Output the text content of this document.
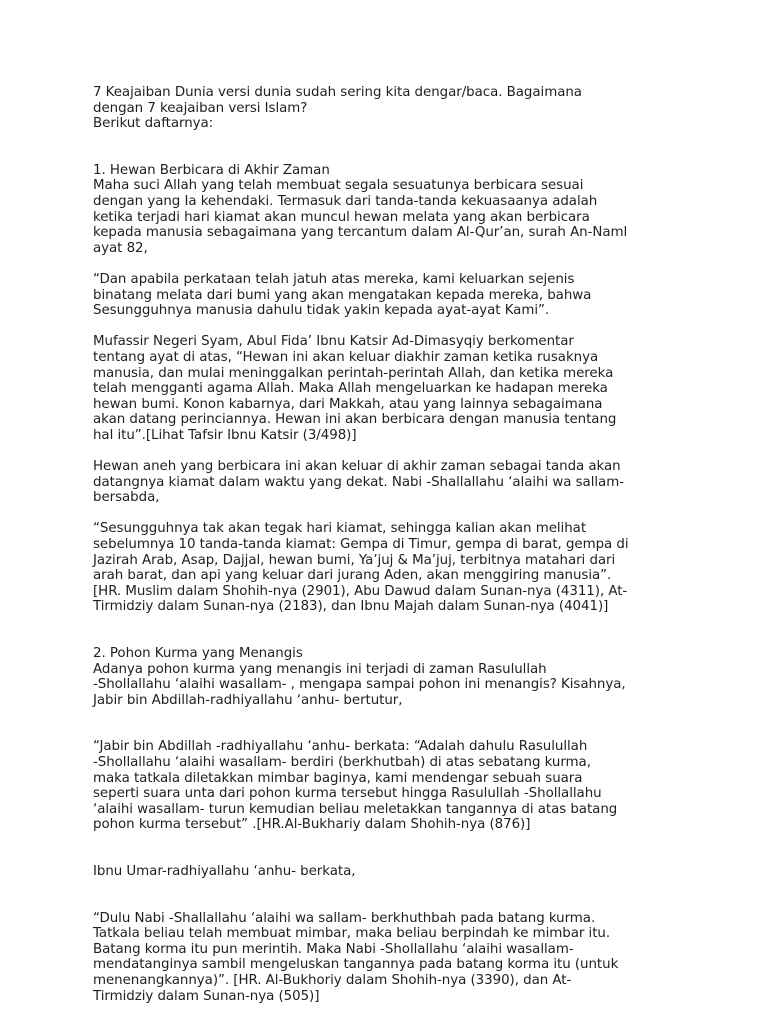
7 Keajaiban Dunia versi dunia sudah sering kita dengar/baca. Bagaimana
dengan 7 keajaiban versi Islam?
Berikut daftarnya:
1. Hewan Berbicara di Akhir Zaman
Maha suci Allah yang telah membuat segala sesuatunya berbicara sesuai
dengan yang Ia kehendaki. Termasuk dari tanda-tanda kekuasaanya adalah
ketika terjadi hari kiamat akan muncul hewan melata yang akan berbicara
kepada manusia sebagaimana yang tercantum dalam Al-Qur’an, surah An-Naml
ayat 82,
“Dan apabila perkataan telah jatuh atas mereka, kami keluarkan sejenis
binatang melata dari bumi yang akan mengatakan kepada mereka, bahwa
Sesungguhnya manusia dahulu tidak yakin kepada ayat-ayat Kami”.
Mufassir Negeri Syam, Abul Fida’ Ibnu Katsir Ad-Dimasyqiy berkomentar
tentang ayat di atas, “Hewan ini akan keluar diakhir zaman ketika rusaknya
manusia, dan mulai meninggalkan perintah-perintah Allah, dan ketika mereka
telah mengganti agama Allah. Maka Allah mengeluarkan ke hadapan mereka
hewan bumi. Konon kabarnya, dari Makkah, atau yang lainnya sebagaimana
akan datang perinciannya. Hewan ini akan berbicara dengan manusia tentang
hal itu”.[Lihat Tafsir Ibnu Katsir (3/498)]
Hewan aneh yang berbicara ini akan keluar di akhir zaman sebagai tanda akan
datangnya kiamat dalam waktu yang dekat. Nabi -Shallallahu ‘alaihi wa sallam-
bersabda,
“Sesungguhnya tak akan tegak hari kiamat, sehingga kalian akan melihat
sebelumnya 10 tanda-tanda kiamat: Gempa di Timur, gempa di barat, gempa di
Jazirah Arab, Asap, Dajjal, hewan bumi, Ya’juj & Ma’juj, terbitnya matahari dari
arah barat, dan api yang keluar dari jurang Aden, akan menggiring manusia”.
[HR. Muslim dalam Shohih-nya (2901), Abu Dawud dalam Sunan-nya (4311), At-
Tirmidziy dalam Sunan-nya (2183), dan Ibnu Majah dalam Sunan-nya (4041)]
2. Pohon Kurma yang Menangis
Adanya pohon kurma yang menangis ini terjadi di zaman Rasulullah
-Shollallahu ‘alaihi wasallam- , mengapa sampai pohon ini menangis? Kisahnya,
Jabir bin Abdillah-radhiyallahu ‘anhu- bertutur,
“Jabir bin Abdillah -radhiyallahu ‘anhu- berkata: “Adalah dahulu Rasulullah
-Shollallahu ‘alaihi wasallam- berdiri (berkhutbah) di atas sebatang kurma,
maka tatkala diletakkan mimbar baginya, kami mendengar sebuah suara
seperti suara unta dari pohon kurma tersebut hingga Rasulullah -Shollallahu
‘alaihi wasallam- turun kemudian beliau meletakkan tangannya di atas batang
pohon kurma tersebut” .[HR.Al-Bukhariy dalam Shohih-nya (876)]
Ibnu Umar-radhiyallahu ‘anhu- berkata,
“Dulu Nabi -Shallallahu ‘alaihi wa sallam- berkhuthbah pada batang kurma.
Tatkala beliau telah membuat mimbar, maka beliau berpindah ke mimbar itu.
Batang korma itu pun merintih. Maka Nabi -Shollallahu ‘alaihi wasallam-
mendatanginya sambil mengeluskan tangannya pada batang korma itu (untuk
menenangkannya)”. [HR. Al-Bukhoriy dalam Shohih-nya (3390), dan At-
Tirmidziy dalam Sunan-nya (505)]
